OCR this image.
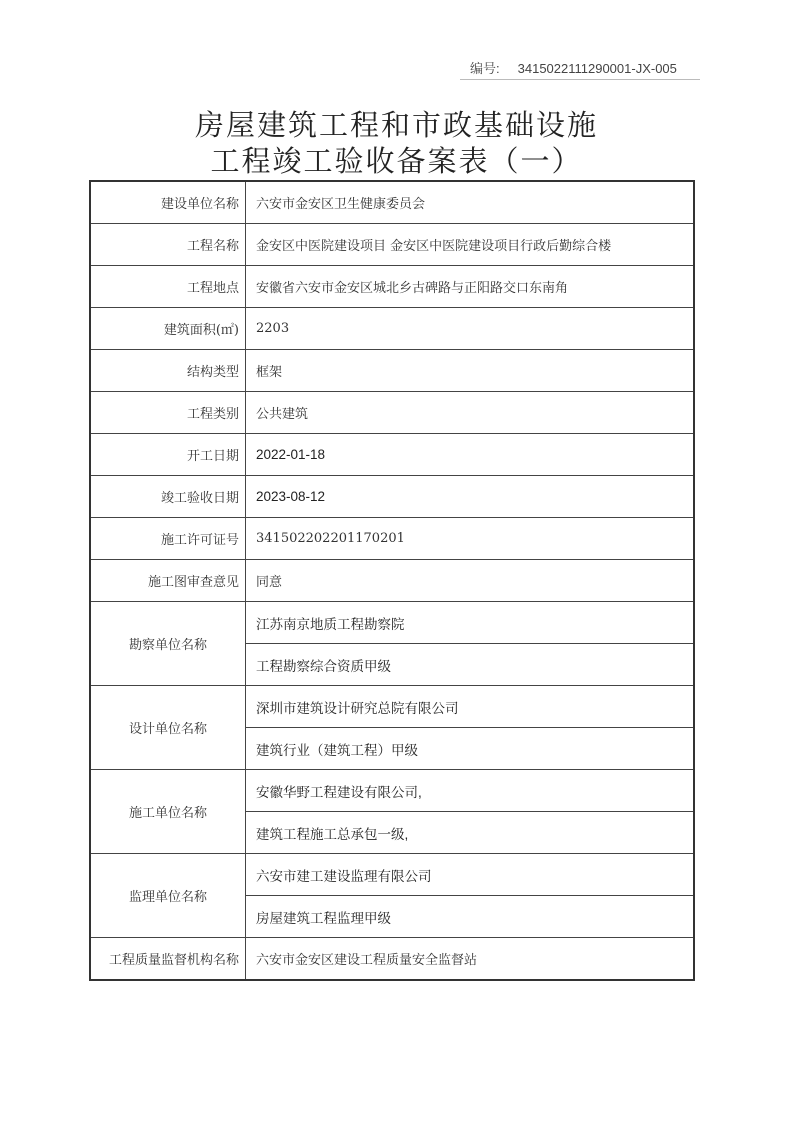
编号: 3415022111290001-JX-005
房屋建筑工程和市政基础设施
工程竣工验收备案表（一）
建设单位名称	六安市金安区卫生健康委员会
工程名称	金安区中医院建设项目 金安区中医院建设项目行政后勤综合楼
工程地点	安徽省六安市金安区城北乡古碑路与正阳路交口东南角
建筑面积(㎡)	2203
结构类型	框架
工程类别	公共建筑
开工日期	2022-01-18
竣工验收日期	2023-08-12
施工许可证号	341502202201170201
施工图审查意见	同意
勘察单位名称	江苏南京地质工程勘察院
	工程勘察综合资质甲级
设计单位名称	深圳市建筑设计研究总院有限公司
	建筑行业（建筑工程）甲级
施工单位名称	安徽华野工程建设有限公司,
	建筑工程施工总承包一级,
监理单位名称	六安市建工建设监理有限公司
	房屋建筑工程监理甲级
工程质量监督机构名称	六安市金安区建设工程质量安全监督站
